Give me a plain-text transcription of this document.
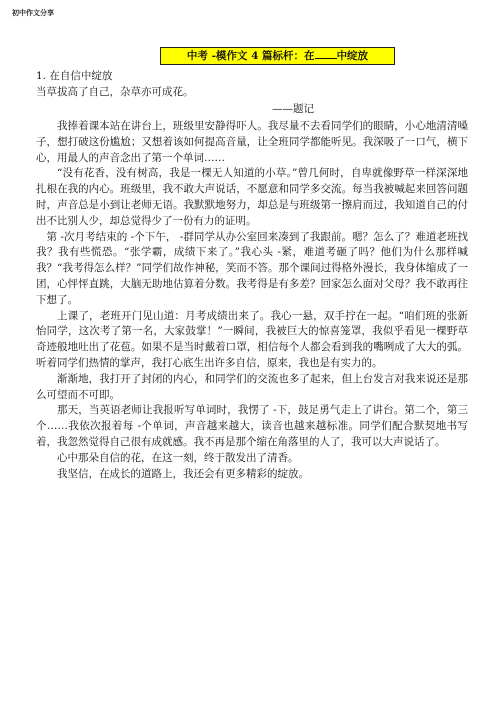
初中作文分享
中考 -模作文 4 篇标杆：在 中绽放
1. 在自信中绽放
当草拔高了自己，杂草亦可成花。
——题记

我捧着课本站在讲台上，班级里安静得吓人。我尽量不去看同学们的眼睛，小心地清清嗓子，想打破这份尴尬；又想着该如何提高音量，让全班同学都能听见。我深吸了一口气，横下心，用最人的声音念出了第一个单词……

“没有花香，没有树高，我是一棵无人知道的小草。”曾几何时，自卑就像野草一样深深地扎根在我的内心。班级里，我不敢大声说话，不愿意和同学多交流。每当我被喊起来回答问题时，声音总是小到让老师无语。我默默地努力，却总是与班级第一擦肩而过，我知道自己的付出不比别人少，却总觉得少了一份有力的证明。

第 -次月考结束的 -个下午， -群同学从办公室回来凑到了我跟前。嗯？怎么了？难道老班找我？我有些慌恐。“张学霸，成绩下来了。”我心头 -紧，难道考砸了吗？他们为什么那样喊我？“我考得怎么样？”同学们故作神秘，笑而不答。那个课间过得格外漫长，我身体缩成了一团，心怦怦直跳，大脑无助地估算着分数。我考得是有多差？回家怎么面对父母？我不敢再往下想了。

上课了，老班开门见山道：月考成绩出来了。我心一悬，双手拧在一起。“咱们班的张新怡同学，这次考了第一名，大家鼓掌！”一瞬间，我被巨大的惊喜笼罩，我似乎看见一棵野草奇迹般地吐出了花苞。如果不是当时戴着口罩，相信每个人都会看到我的嘴咧成了大大的弧。听着同学们热情的掌声，我打心底生出许多自信，原来，我也是有实力的。

渐渐地，我打开了封闭的内心，和同学们的交流也多了起来，但上台发言对我来说还是那么可望而不可即。

那天，当英语老师让我报听写单词时，我愣了 -下，鼓足勇气走上了讲台。第二个，第三个……我依次报着每 -个单词，声音越来越大，读音也越来越标准。同学们配合默契地书写着，我忽然觉得自己很有成就感。我不再是那个缩在角落里的人了，我可以大声说话了。

心中那朵自信的花，在这一刻，终于散发出了清香。

我坚信，在成长的道路上，我还会有更多精彩的绽放。
